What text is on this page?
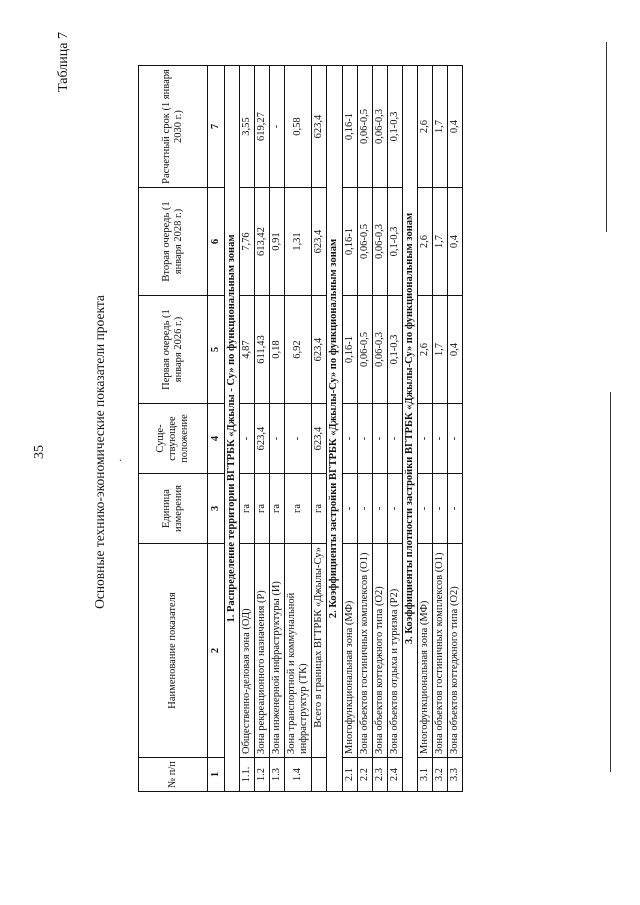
35
Таблица 7
Основные технико-экономические показатели проекта ·
№ п/п	Наименование показателя	Единица измерения	Суще- ствующее положение	Первая очередь (1 января 2026 г.)	Вторая очередь (1 января 2028 г.)	Расчетный срок (1 января 2030 г.)
1	2	3	4	5	6	7
1. Распределение территории ВГТРБК «Джылы - Су» по функциональным зонам						
1.1.	Общественно-деловая зона (ОД)	га	-	4,87	7,76	3,55
1.2	Зона рекреационного назначения (Р)	га	623,4	611,43	613,42	619,27
1.3	Зона инженерной инфраструктуры (И)	га	-	0,18	0,91	-
1.4	Зона транспортной и коммунальной инфраструктур (ТК)	га	-	6,92	1,31	0,58
	Всего в границах ВГТРБК «Джылы-Су»	га	623,4	623,4	623,4	623,4
2. Коэффициенты застройки ВГТРБК «Джылы-Су» по функциональным зонам						
2.1	Многофункциональная зона (МФ)	-	-	0,16-1	0,16-1	0,16-1
2.2	Зона объектов гостиничных комплексов (О1)	-	-	0,06-0,5	0,06-0,5	0,06-0,5
2.3	Зона объектов коттеджного типа (О2)	-	-	0,06-0,3	0,06-0,3	0,06-0,3
2.4	Зона объектов отдыха и туризма (Р2)	-	-	0,1-0,3	0,1-0,3	0,1-0,3
3. Коэффициенты плотности застройки ВГТРБК «Джылы-Су» по функциональным зонам						
3.1	Многофункциональная зона (МФ)	-	-	2,6	2,6	2,6
3.2	Зона объектов гостиничных комплексов (О1)	-	-	1,7	1,7	1,7
3.3	Зона объектов коттеджного типа (О2)	-	-	0,4	0,4	0,4
